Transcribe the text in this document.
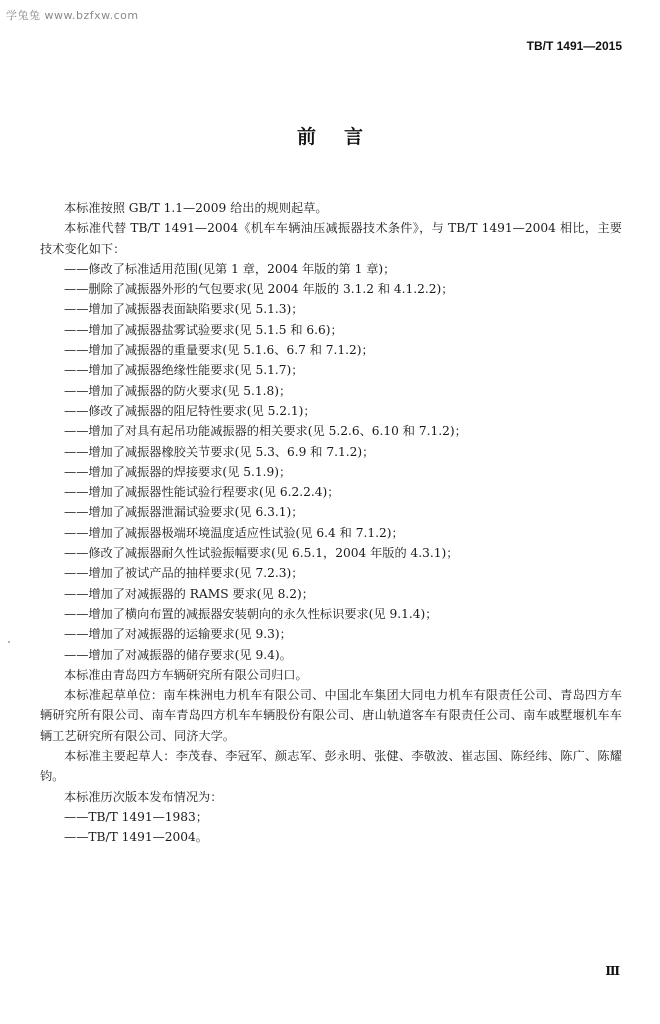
学兔兔 www.bzfxw.com
TB/T 1491—2015
前言

本标准按照 GB/T 1.1—2009 给出的规则起草。

本标准代替 TB/T 1491—2004《机车车辆油压减振器技术条件》，与 TB/T 1491—2004 相比，主要技术变化如下：

——修改了标准适用范围(见第 1 章，2004 年版的第 1 章)；

——删除了减振器外形的气包要求(见 2004 年版的 3.1.2 和 4.1.2.2)；

——增加了减振器表面缺陷要求(见 5.1.3)；

——增加了减振器盐雾试验要求(见 5.1.5 和 6.6)；

——增加了减振器的重量要求(见 5.1.6、6.7 和 7.1.2)；

——增加了减振器绝缘性能要求(见 5.1.7)；

——增加了减振器的防火要求(见 5.1.8)；

——修改了减振器的阻尼特性要求(见 5.2.1)；

——增加了对具有起吊功能减振器的相关要求(见 5.2.6、6.10 和 7.1.2)；

——增加了减振器橡胶关节要求(见 5.3、6.9 和 7.1.2)；

——增加了减振器的焊接要求(见 5.1.9)；

——增加了减振器性能试验行程要求(见 6.2.2.4)；

——增加了减振器泄漏试验要求(见 6.3.1)；

——增加了减振器极端环境温度适应性试验(见 6.4 和 7.1.2)；

——修改了减振器耐久性试验振幅要求(见 6.5.1，2004 年版的 4.3.1)；

——增加了被试产品的抽样要求(见 7.2.3)；

——增加了对减振器的 RAMS 要求(见 8.2)；

——增加了横向布置的减振器安装朝向的永久性标识要求(见 9.1.4)；

——增加了对减振器的运输要求(见 9.3)；

——增加了对减振器的储存要求(见 9.4)。

本标准由青岛四方车辆研究所有限公司归口。

本标准起草单位：南车株洲电力机车有限公司、中国北车集团大同电力机车有限责任公司、青岛四方车辆研究所有限公司、南车青岛四方机车车辆股份有限公司、唐山轨道客车有限责任公司、南车戚墅堰机车车辆工艺研究所有限公司、同济大学。

本标准主要起草人：李茂春、李冠军、颜志军、彭永明、张健、李敬波、崔志国、陈经纬、陈广、陈耀钧。

本标准历次版本发布情况为：

——TB/T 1491—1983；

——TB/T 1491—2004。

Ⅲ
